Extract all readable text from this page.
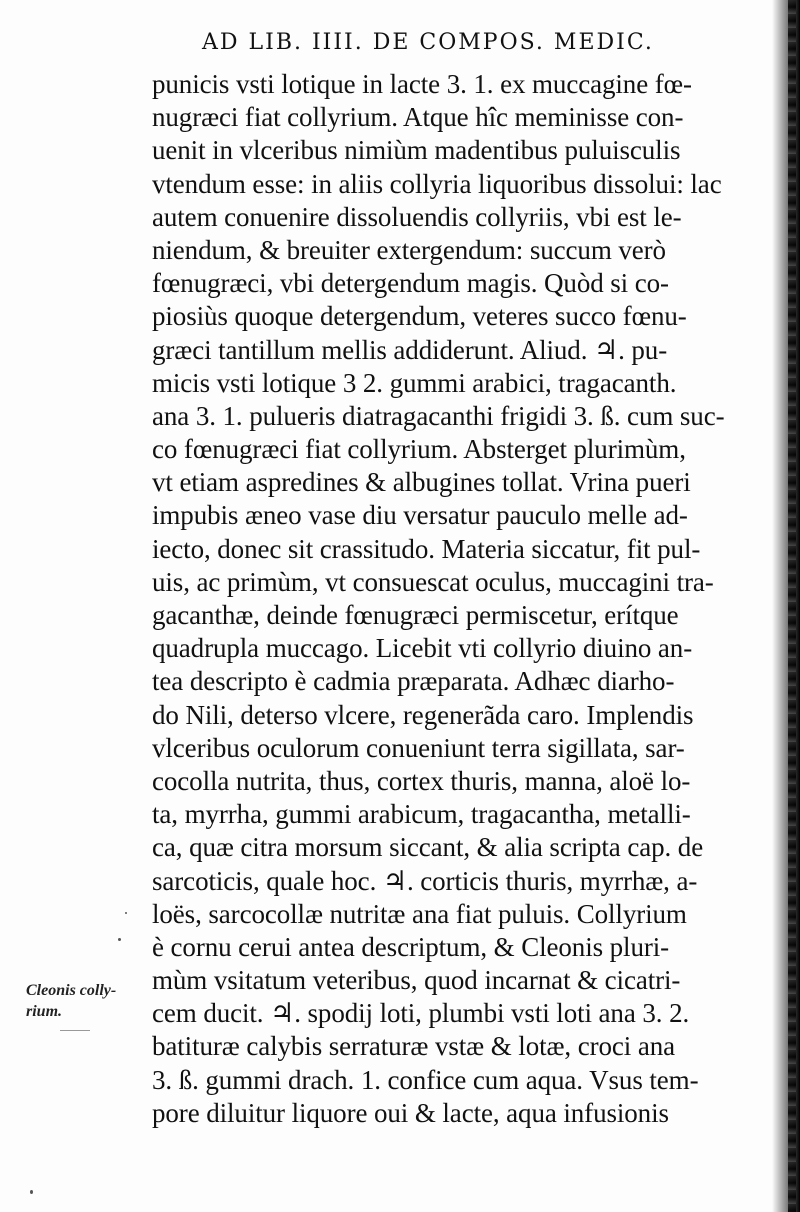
AD LIB. IIII. DE COMPOS. MEDIC.
punicis vsti lotique in lacte 3. 1. ex muccagine fœ-
nugræci fiat collyrium. Atque hîc meminisse con-
uenit in vlceribus nimiùm madentibus puluisculis
vtendum esse: in aliis collyria liquoribus dissolui: lac
autem conuenire dissoluendis collyriis, vbi est le-
niendum, & breuiter extergendum: succum verò
fœnugræci, vbi detergendum magis. Quòd si co-
piosiùs quoque detergendum, veteres succo fœnu-
græci tantillum mellis addiderunt. Aliud. ♃. pu-
micis vsti lotique 3 2. gummi arabici, tragacanth.
ana 3. 1. pulueris diatragacanthi frigidi 3. ß. cum suc-
co fœnugræci fiat collyrium. Absterget plurimùm,
vt etiam aspredines & albugines tollat. Vrina pueri
impubis æneo vase diu versatur pauculo melle ad-
iecto, donec sit crassitudo. Materia siccatur, fit pul-
uis, ac primùm, vt consuescat oculus, muccagini tra-
gacanthæ, deinde fœnugræci permiscetur, erítque
quadrupla muccago. Licebit vti collyrio diuino an-
tea descripto è cadmia præparata. Adhæc diarho-
do Nili, deterso vlcere, regenerãda caro. Implendis
vlceribus oculorum conueniunt terra sigillata, sar-
cocolla nutrita, thus, cortex thuris, manna, aloë lo-
ta, myrrha, gummi arabicum, tragacantha, metalli-
ca, quæ citra morsum siccant, & alia scripta cap. de
sarcoticis, quale hoc. ♃. corticis thuris, myrrhæ, a-
loës, sarcocollæ nutritæ ana fiat puluis. Collyrium
è cornu cerui antea descriptum, & Cleonis pluri-
mùm vsitatum veteribus, quod incarnat & cicatri-
cem ducit. ♃. spodij loti, plumbi vsti loti ana 3. 2.
batituræ calybis serraturæ vstæ & lotæ, croci ana
3. ß. gummi drach. 1. confice cum aqua. Vsus tem-
pore diluitur liquore oui & lacte, aqua infusionis
Cleonis colly- rium.
